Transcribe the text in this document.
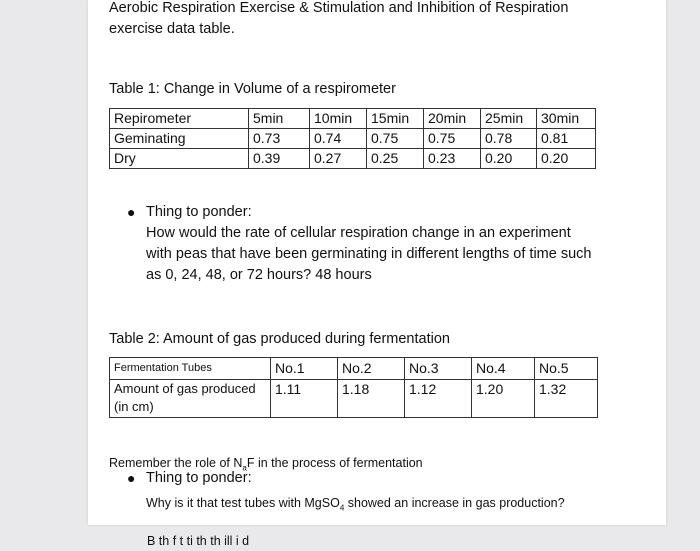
Aerobic Respiration Exercise & Stimulation and Inhibition of Respiration

exercise data table.

Table 1: Change in Volume of a respirometer

Repirometer	5min	10min	15min	20min	25min	30min
Geminating	0.73	0.74	0.75	0.75	0.78	0.81
Dry	0.39	0.27	0.25	0.23	0.20	0.20
● Thing to ponder:

How would the rate of cellular respiration change in an experiment with peas that have been germinating in different lengths of time such as 0, 24, 48, or 72 hours? 48 hours

Table 2: Amount of gas produced during fermentation

Fermentation Tubes	No.1	No.2	No.3	No.4	No.5
Amount of gas produced (in cm)	1.11	1.18	1.12	1.20	1.32

Remember the role of $N_aF$ in the process of fermentation

● Thing to ponder:

Why is it that test tubes with MgSO$_4$ showed an increase in gas production?

B th f t ti th th ill i d
